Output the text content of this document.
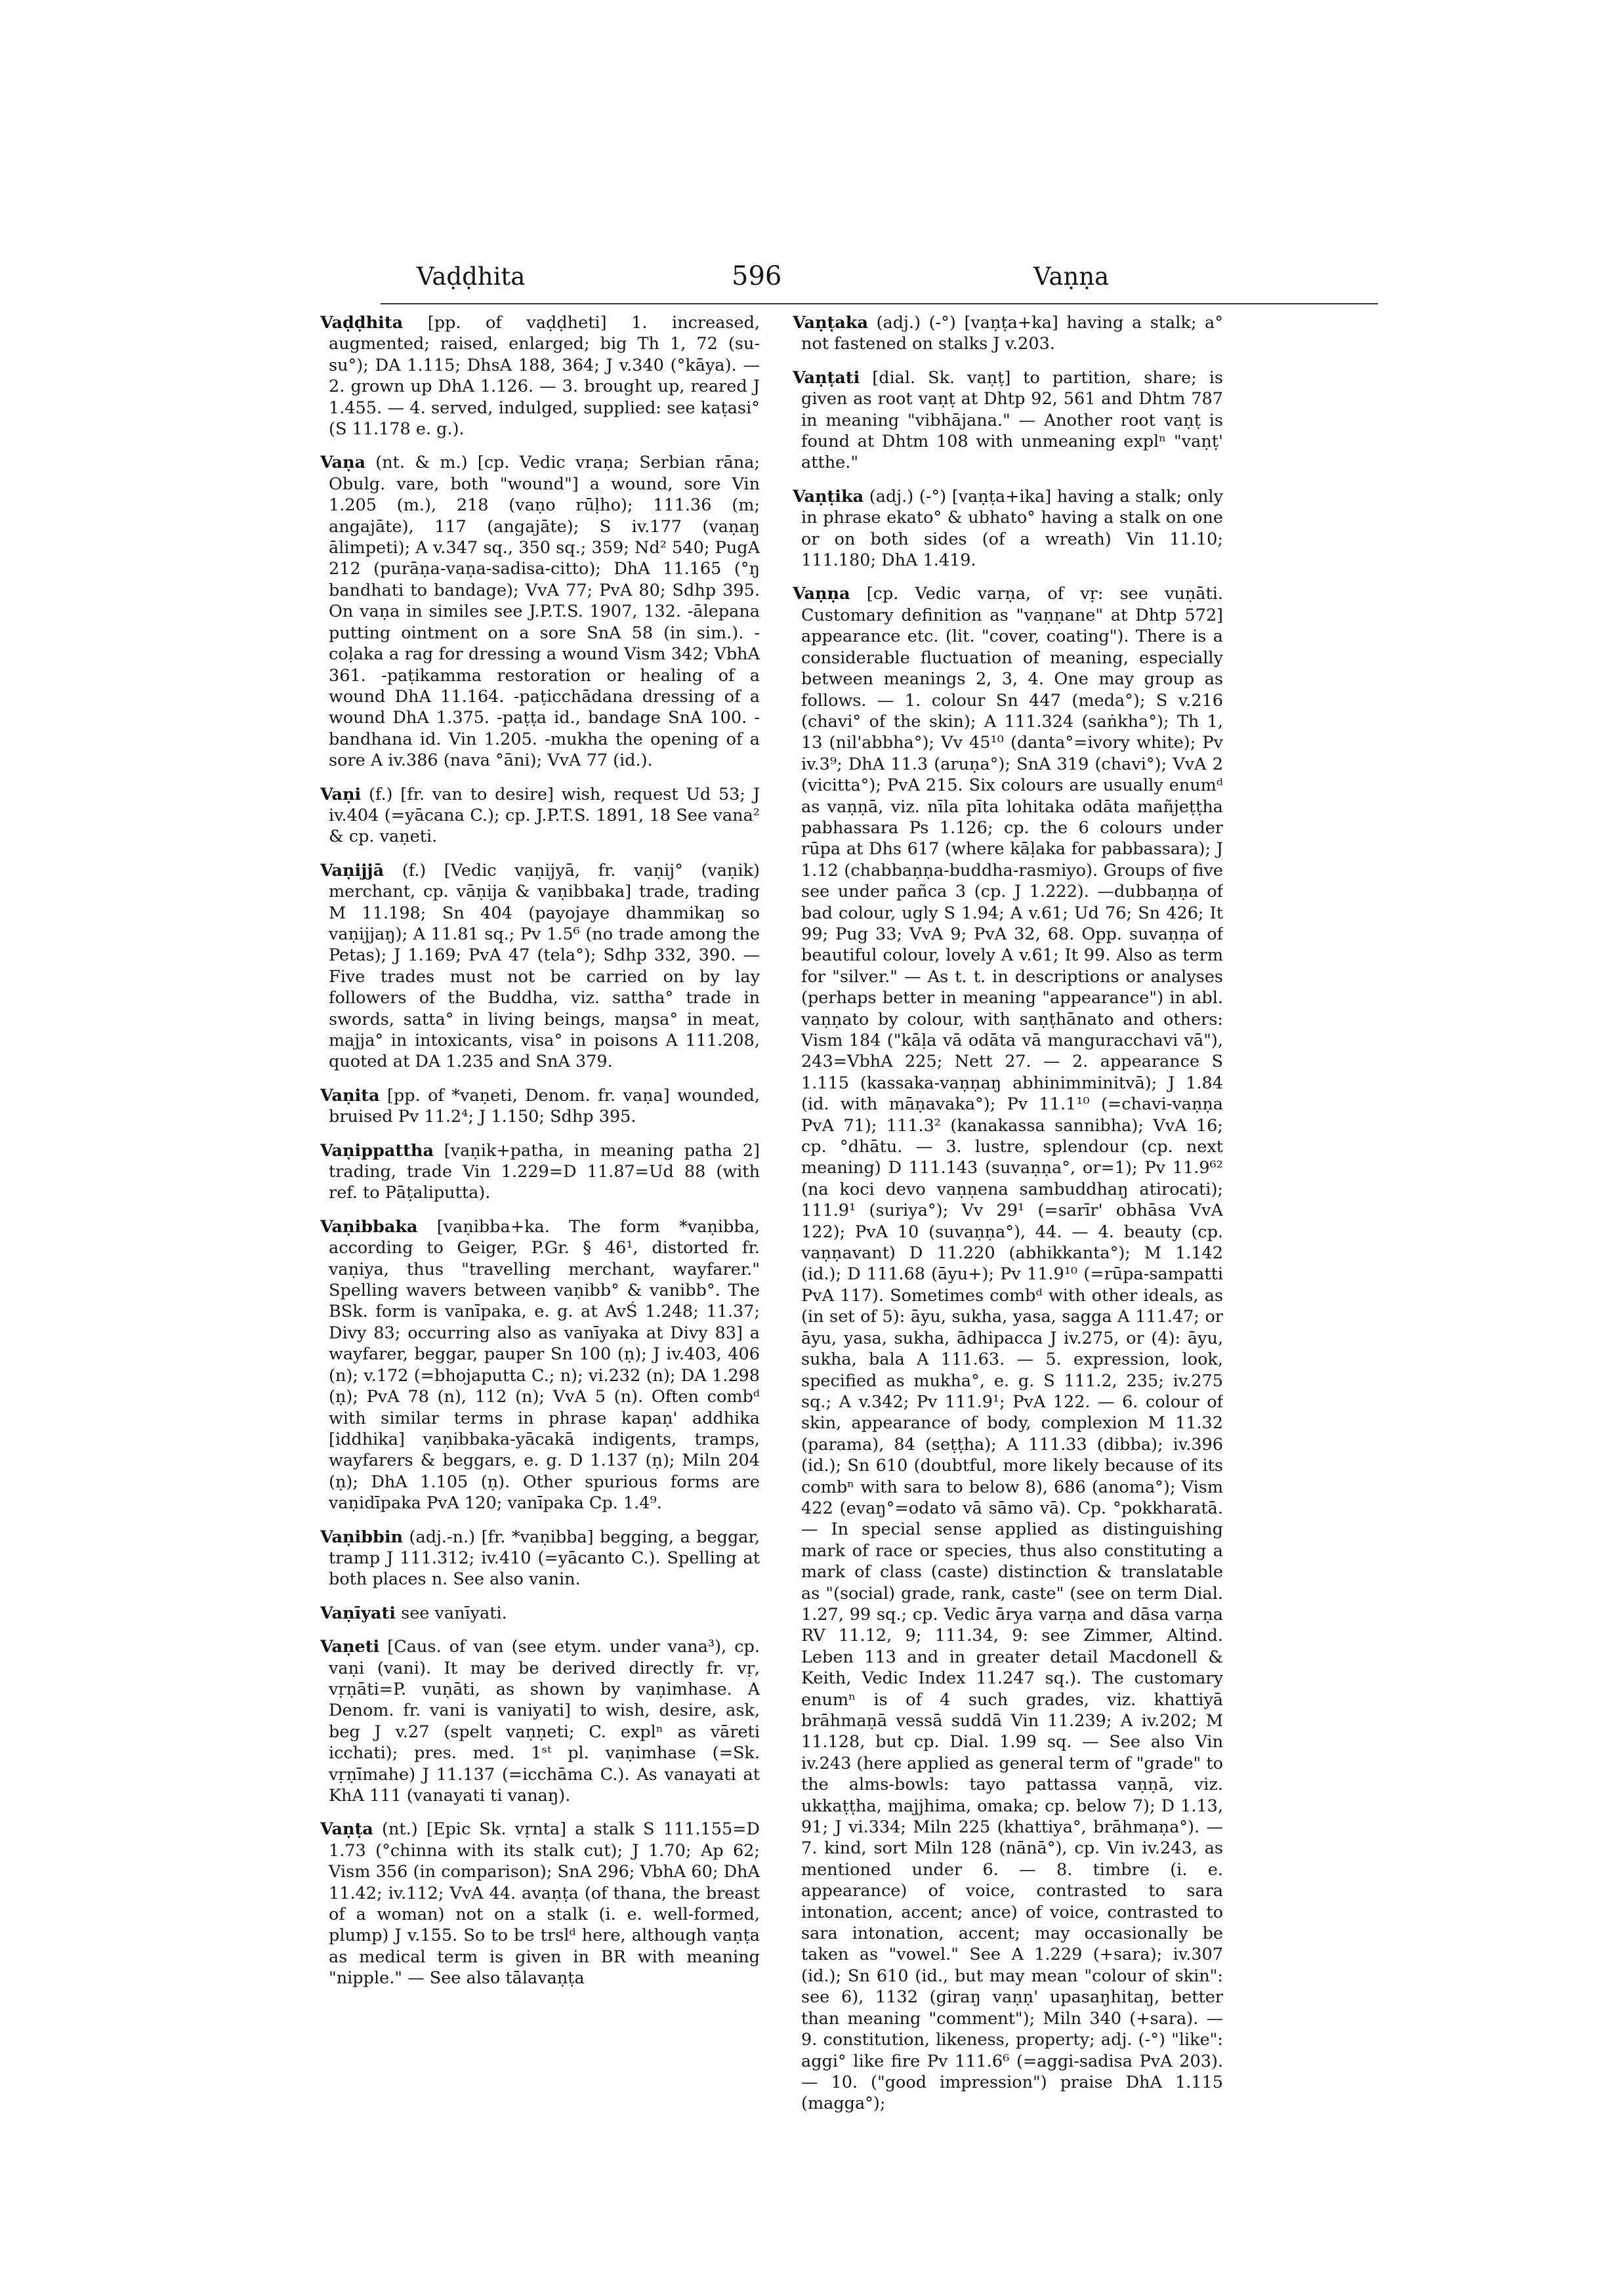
Vaḍḍhita	596	Vaṇṇa

Vaḍḍhita [pp. of vaḍḍheti] 1. increased, augmented; raised, enlarged; big Th 1, 72 (su-su°); DA 1.115; DhsA 188, 364; J v.340 (°kāya). — 2. grown up DhA 1.126. — 3. brought up, reared J 1.455. — 4. served, indulged, supplied: see kaṭasi° (S 11.178 e. g.).

Vaṇa (nt. & m.) [cp. Vedic vraṇa; Serbian rāna; Obulg. vare, both "wound"] a wound, sore Vin 1.205 (m.), 218 (vaṇo rūḷho); 111.36 (m; angajāte), 117 (angajāte); S iv.177 (vaṇaŋ ālimpeti); A v.347 sq., 350 sq.; 359; Nd² 540; PugA 212 (purāṇa-vaṇa-sadisa-citto); DhA 11.165 (°ŋ bandhati to bandage); VvA 77; PvA 80; Sdhp 395. On vaṇa in similes see J.P.T.S. 1907, 132. -ālepana putting ointment on a sore SnA 58 (in sim.). -coḷaka a rag for dressing a wound Vism 342; VbhA 361. -paṭikamma restoration or healing of a wound DhA 11.164. -paṭicchādana dressing of a wound DhA 1.375. -paṭṭa id., bandage SnA 100. -bandhana id. Vin 1.205. -mukha the opening of a sore A iv.386 (nava °āni); VvA 77 (id.).

Vaṇi (f.) [fr. van to desire] wish, request Ud 53; J iv.404 (=yācana C.); cp. J.P.T.S. 1891, 18 See vana² & cp. vaṇeti.

Vaṇijjā (f.) [Vedic vaṇijyā, fr. vaṇij° (vaṇik) merchant, cp. vāṇija & vaṇibbaka] trade, trading M 11.198; Sn 404 (payojaye dhammikaŋ so vaṇijjaŋ); A 11.81 sq.; Pv 1.5⁶ (no trade among the Petas); J 1.169; PvA 47 (tela°); Sdhp 332, 390. — Five trades must not be carried on by lay followers of the Buddha, viz. sattha° trade in swords, satta° in living beings, maŋsa° in meat, majja° in intoxicants, visa° in poisons A 111.208, quoted at DA 1.235 and SnA 379.

Vaṇita [pp. of *vaṇeti, Denom. fr. vaṇa] wounded, bruised Pv 11.2⁴; J 1.150; Sdhp 395.

Vaṇippattha [vaṇik+patha, in meaning patha 2] trading, trade Vin 1.229=D 11.87=Ud 88 (with ref. to Pāṭaliputta).

Vaṇibbaka [vaṇibba+ka. The form *vaṇibba, according to Geiger, P.Gr. § 46¹, distorted fr. vaṇiya, thus "travelling merchant, wayfarer." Spelling wavers between vaṇibb° & vanibb°. The BSk. form is vanīpaka, e. g. at AvŚ 1.248; 11.37; Divy 83; occurring also as vanīyaka at Divy 83] a wayfarer, beggar, pauper Sn 100 (ṇ); J iv.403, 406 (n); v.172 (=bhojaputta C.; n); vi.232 (n); DA 1.298 (ṇ); PvA 78 (n), 112 (n); VvA 5 (n). Often combᵈ with similar terms in phrase kapaṇ' addhika [iddhika] vaṇibbaka-yācakā indigents, tramps, wayfarers & beggars, e. g. D 1.137 (ṇ); Miln 204 (ṇ); DhA 1.105 (ṇ). Other spurious forms are vaṇidīpaka PvA 120; vanīpaka Cp. 1.4⁹.

Vaṇibbin (adj.-n.) [fr. *vaṇibba] begging, a beggar, tramp J 111.312; iv.410 (=yācanto C.). Spelling at both places n. See also vanin.

Vaṇīyati see vanīyati.

Vaṇeti [Caus. of van (see etym. under vana³), cp. vaṇi (vani). It may be derived directly fr. vṛ, vṛṇāti=P. vuṇāti, as shown by vaṇimhase. A Denom. fr. vani is vaniyati] to wish, desire, ask, beg J v.27 (spelt vaṇṇeti; C. explⁿ as vāreti icchati); pres. med. 1ˢᵗ pl. vaṇimhase (=Sk. vṛṇīmahe) J 11.137 (=icchāma C.). As vanayati at KhA 111 (vanayati ti vanaŋ).

Vaṇṭa (nt.) [Epic Sk. vṛnta] a stalk S 111.155=D 1.73 (°chinna with its stalk cut); J 1.70; Ap 62; Vism 356 (in comparison); SnA 296; VbhA 60; DhA 11.42; iv.112; VvA 44. avaṇṭa (of thana, the breast of a woman) not on a stalk (i. e. well-formed, plump) J v.155. So to be trslᵈ here, although vaṇṭa as medical term is given in BR with meaning "nipple." — See also tālavaṇṭa

Vaṇṭaka (adj.) (-°) [vaṇṭa+ka] having a stalk; a° not fastened on stalks J v.203.

Vaṇṭati [dial. Sk. vaṇṭ] to partition, share; is given as root vaṇṭ at Dhtp 92, 561 and Dhtm 787 in meaning "vibhājana." — Another root vaṇṭ is found at Dhtm 108 with unmeaning explⁿ "vaṇṭ' atthe."

Vaṇṭika (adj.) (-°) [vaṇṭa+ika] having a stalk; only in phrase ekato° & ubhato° having a stalk on one or on both sides (of a wreath) Vin 11.10; 111.180; DhA 1.419.

Vaṇṇa [cp. Vedic varṇa, of vṛ: see vuṇāti. Customary definition as "vaṇṇane" at Dhtp 572] appearance etc. (lit. "cover, coating"). There is a considerable fluctuation of meaning, especially between meanings 2, 3, 4. One may group as follows. — 1. colour Sn 447 (meda°); S v.216 (chavi° of the skin); A 111.324 (saṅkha°); Th 1, 13 (nil'abbha°); Vv 45¹⁰ (danta°=ivory white); Pv iv.3⁹; DhA 11.3 (aruṇa°); SnA 319 (chavi°); VvA 2 (vicitta°); PvA 215. Six colours are usually enumᵈ as vaṇṇā, viz. nīla pīta lohitaka odāta mañjeṭṭha pabhassara Ps 1.126; cp. the 6 colours under rūpa at Dhs 617 (where kāḷaka for pabbassara); J 1.12 (chabbaṇṇa-buddha-rasmiyo). Groups of five see under pañca 3 (cp. J 1.222). —dubbaṇṇa of bad colour, ugly S 1.94; A v.61; Ud 76; Sn 426; It 99; Pug 33; VvA 9; PvA 32, 68. Opp. suvaṇṇa of beautiful colour, lovely A v.61; It 99. Also as term for "silver." — As t. t. in descriptions or analyses (perhaps better in meaning "appearance") in abl. vaṇṇato by colour, with saṇṭhānato and others: Vism 184 ("kāḷa vā odāta vā manguracchavi vā"), 243=VbhA 225; Nett 27. — 2. appearance S 1.115 (kassaka-vaṇṇaŋ abhinimminitvā); J 1.84 (id. with māṇavaka°); Pv 11.1¹⁰ (=chavi-vaṇṇa PvA 71); 111.3² (kanakassa sannibha); VvA 16; cp. °dhātu. — 3. lustre, splendour (cp. next meaning) D 111.143 (suvaṇṇa°, or=1); Pv 11.9⁶² (na koci devo vaṇṇena sambuddhaŋ atirocati); 111.9¹ (suriya°); Vv 29¹ (=sarīr' obhāsa VvA 122); PvA 10 (suvaṇṇa°), 44. — 4. beauty (cp. vaṇṇavant) D 11.220 (abhikkanta°); M 1.142 (id.); D 111.68 (āyu+); Pv 11.9¹⁰ (=rūpa-sampatti PvA 117). Sometimes combᵈ with other ideals, as (in set of 5): āyu, sukha, yasa, sagga A 111.47; or āyu, yasa, sukha, ādhipacca J iv.275, or (4): āyu, sukha, bala A 111.63. — 5. expression, look, specified as mukha°, e. g. S 111.2, 235; iv.275 sq.; A v.342; Pv 111.9¹; PvA 122. — 6. colour of skin, appearance of body, complexion M 11.32 (parama), 84 (seṭṭha); A 111.33 (dibba); iv.396 (id.); Sn 610 (doubtful, more likely because of its combⁿ with sara to below 8), 686 (anoma°); Vism 422 (evaŋ°=odato vā sāmo vā). Cp. °pokkharatā. — In special sense applied as distinguishing mark of race or species, thus also constituting a mark of class (caste) distinction & translatable as "(social) grade, rank, caste" (see on term Dial. 1.27, 99 sq.; cp. Vedic ārya varṇa and dāsa varṇa RV 11.12, 9; 111.34, 9: see Zimmer, Altind. Leben 113 and in greater detail Macdonell & Keith, Vedic Index 11.247 sq.). The customary enumⁿ is of 4 such grades, viz. khattiyā brāhmaṇā vessā suddā Vin 11.239; A iv.202; M 11.128, but cp. Dial. 1.99 sq. — See also Vin iv.243 (here applied as general term of "grade" to the alms-bowls: tayo pattassa vaṇṇā, viz. ukkaṭṭha, majjhima, omaka; cp. below 7); D 1.13, 91; J vi.334; Miln 225 (khattiya°, brāhmaṇa°). — 7. kind, sort Miln 128 (nānā°), cp. Vin iv.243, as mentioned under 6. — 8. timbre (i. e. appearance) of voice, contrasted to sara intonation, accent; ance) of voice, contrasted to sara intonation, accent; may occasionally be taken as "vowel." See A 1.229 (+sara); iv.307 (id.); Sn 610 (id., but may mean "colour of skin": see 6), 1132 (giraŋ vaṇṇ' upasaŋhitaŋ, better than meaning "comment"); Miln 340 (+sara). — 9. constitution, likeness, property; adj. (-°) "like": aggi° like fire Pv 111.6⁶ (=aggi-sadisa PvA 203). — 10. ("good impression") praise DhA 1.115 (magga°);
